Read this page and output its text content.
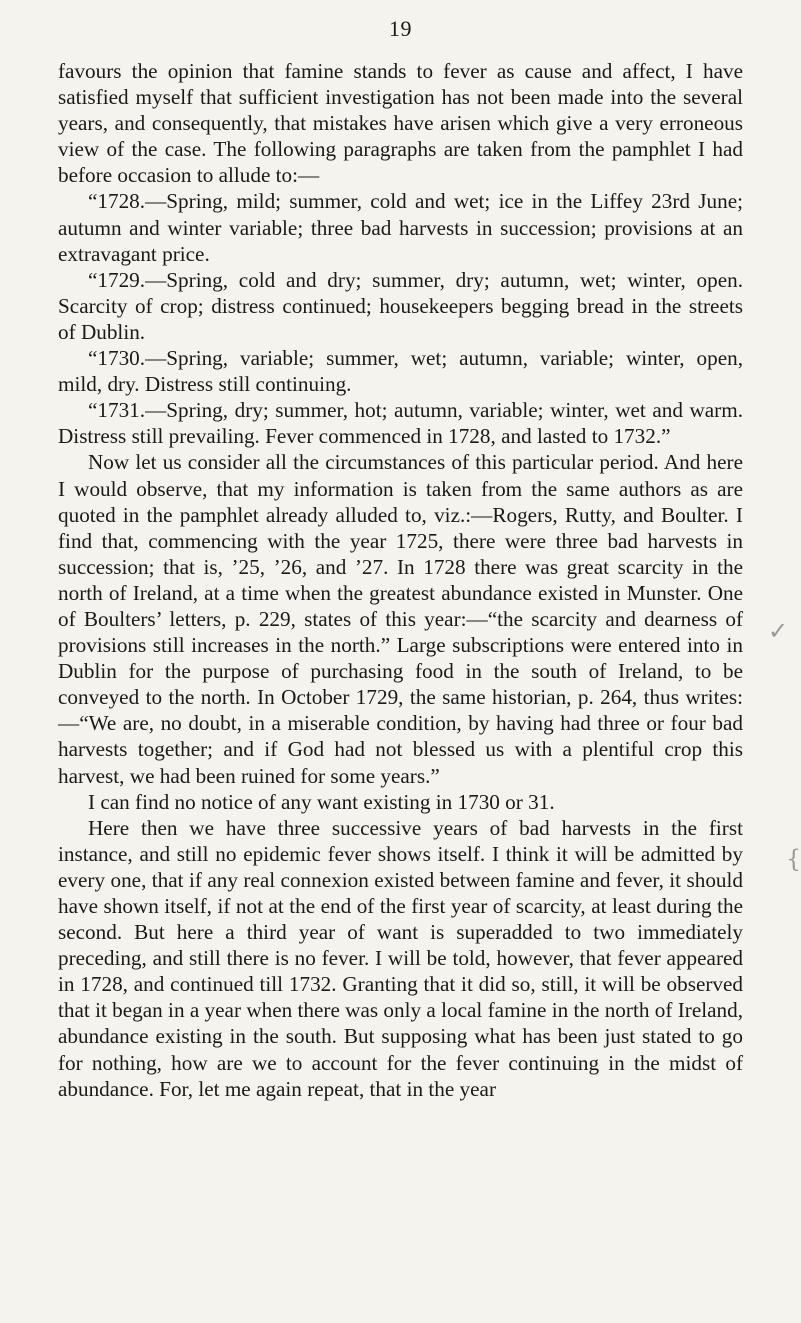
19

favours the opinion that famine stands to fever as cause and affect, I have satisfied myself that sufficient investigation has not been made into the several years, and consequently, that mistakes have arisen which give a very erroneous view of the case. The following paragraphs are taken from the pamphlet I had before occasion to allude to:—

“1728.—Spring, mild; summer, cold and wet; ice in the Liffey 23rd June; autumn and winter variable; three bad harvests in succession; provisions at an extravagant price.

“1729.—Spring, cold and dry; summer, dry; autumn, wet; winter, open. Scarcity of crop; distress continued; housekeepers begging bread in the streets of Dublin.

“1730.—Spring, variable; summer, wet; autumn, variable; winter, open, mild, dry. Distress still continuing.

“1731.—Spring, dry; summer, hot; autumn, variable; winter, wet and warm. Distress still prevailing. Fever commenced in 1728, and lasted to 1732.”

Now let us consider all the circumstances of this particular period. And here I would observe, that my information is taken from the same authors as are quoted in the pamphlet already alluded to, viz.:—Rogers, Rutty, and Boulter. I find that, commencing with the year 1725, there were three bad harvests in succession; that is, ’25, ’26, and ’27. In 1728 there was great scarcity in the north of Ireland, at a time when the greatest abundance existed in Munster. One of Boulters’ letters, p. 229, states of this year:—“the scarcity and dearness of provisions still increases in the north.” Large subscriptions were entered into in Dublin for the purpose of purchasing food in the south of Ireland, to be conveyed to the north. In October 1729, the same historian, p. 264, thus writes:—“We are, no doubt, in a miserable condition, by having had three or four bad harvests together; and if God had not blessed us with a plentiful crop this harvest, we had been ruined for some years.”

I can find no notice of any want existing in 1730 or 31.

Here then we have three successive years of bad harvests in the first instance, and still no epidemic fever shows itself. I think it will be admitted by every one, that if any real connexion existed between famine and fever, it should have shown itself, if not at the end of the first year of scarcity, at least during the second. But here a third year of want is superadded to two immediately preceding, and still there is no fever. I will be told, however, that fever appeared in 1728, and continued till 1732. Granting that it did so, still, it will be observed that it began in a year when there was only a local famine in the north of Ireland, abundance existing in the south. But supposing what has been just stated to go for nothing, how are we to account for the fever continuing in the midst of abundance. For, let me again repeat, that in the year

✓
{
